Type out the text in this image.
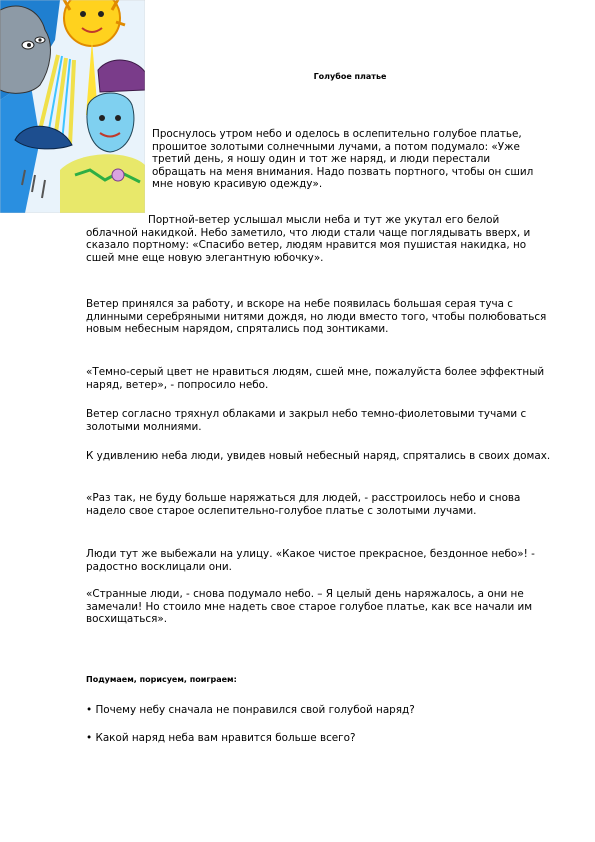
Голубое платье

Проснулось утром небо и оделось в ослепительно голубое платье, прошитое золотыми солнечными лучами, а потом подумало: «Уже третий день, я ношу один и тот же наряд, и люди перестали обращать на меня внимания. Надо позвать портного, чтобы он сшил мне новую красивую одежду».

Портной-ветер услышал мысли неба и тут же укутал его белой облачной накидкой. Небо заметило, что люди стали чаще поглядывать вверх, и сказало портному: «Спасибо ветер, людям нравится моя пушистая накидка, но сшей мне еще новую элегантную юбочку».

Ветер принялся за работу, и вскоре на небе появилась большая серая туча с длинными серебряными нитями дождя, но люди вместо того, чтобы полюбоваться новым небесным нарядом, спрятались под зонтиками.

«Темно-серый цвет не нравиться людям, сшей мне, пожалуйста более эффектный наряд, ветер», - попросило небо.

Ветер согласно тряхнул облаками и закрыл небо темно-фиолетовыми тучами с золотыми молниями.

К удивлению неба люди, увидев новый небесный наряд, спрятались в своих домах.

«Раз так, не буду больше наряжаться для людей, - расстроилось небо и снова надело свое старое ослепительно-голубое платье с золотыми лучами.

Люди тут же выбежали на улицу. «Какое чистое прекрасное, бездонное небо»! - радостно восклицали они.

«Странные люди, - снова подумало небо. – Я целый день наряжалось, а они не замечали! Но стоило мне надеть свое старое голубое платье, как все начали им восхищаться».

Подумаем, порисуем, поиграем:

• Почему небу сначала не понравился свой голубой наряд?

• Какой наряд неба вам нравится больше всего?
